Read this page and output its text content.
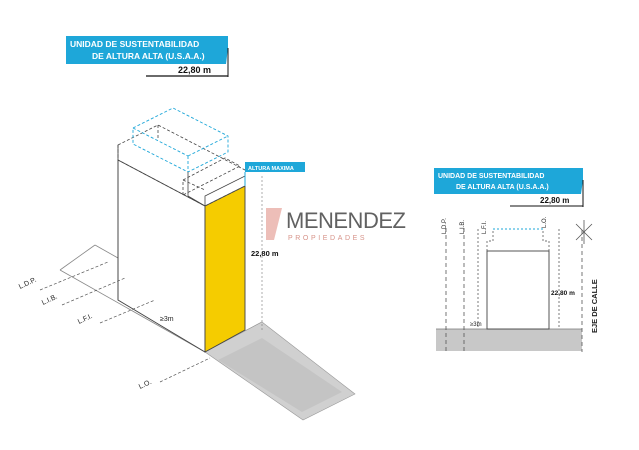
UNIDAD DE SUSTENTABILIDAD
DE ALTURA ALTA (U.S.A.A.)
22,80 m
ALTURA MAXIMA
22,80 m
≥3m
L.D.P.
L.I.B.
L.F.I.
L.O.
MENENDEZ
PROPIEDADES
UNIDAD DE SUSTENTABILIDAD
DE ALTURA ALTA (U.S.A.A.)
22,80 m
L.D.P. L.I.B.	L.F.I.	L.O.
EJE DE CALLE
22,80 m
≥3m
